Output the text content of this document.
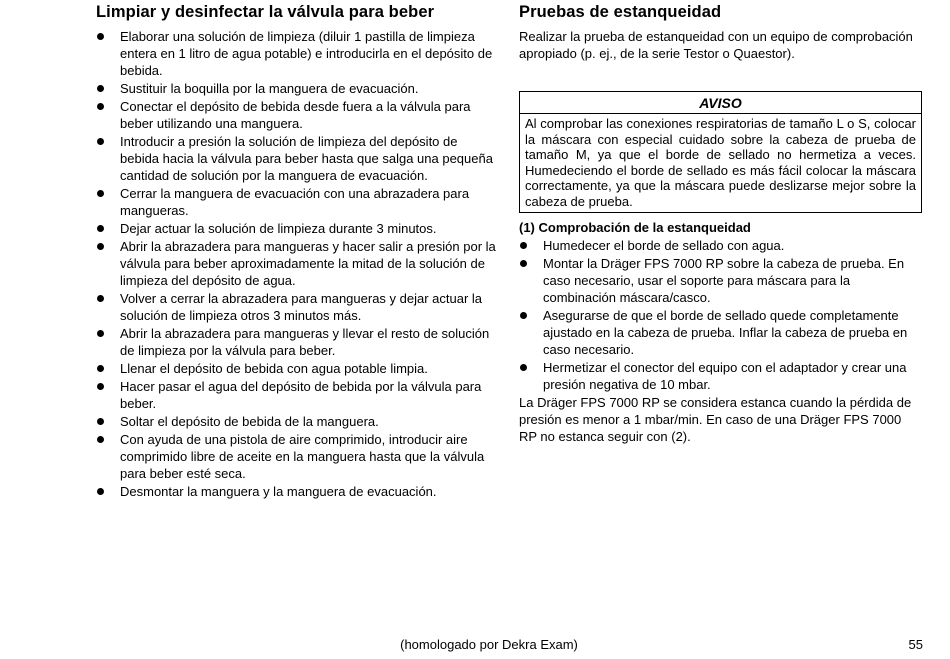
Limpiar y desinfectar la válvula para beber
Elaborar una solución de limpieza (diluir 1 pastilla de limpieza entera en 1 litro de agua potable) e introducirla en el depósito de bebida.
Sustituir la boquilla por la manguera de evacuación.
Conectar el depósito de bebida desde fuera a la válvula para beber utilizando una manguera.
Introducir a presión la solución de limpieza del depósito de bebida hacia la válvula para beber hasta que salga una pequeña cantidad de solución por la manguera de evacuación.
Cerrar la manguera de evacuación con una abrazadera para mangueras.
Dejar actuar la solución de limpieza durante 3 minutos.
Abrir la abrazadera para mangueras y hacer salir a presión por la válvula para beber aproximadamente la mitad de la solución de limpieza del depósito de agua.
Volver a cerrar la abrazadera para mangueras y dejar actuar la solución de limpieza otros 3 minutos más.
Abrir la abrazadera para mangueras y llevar el resto de solución de limpieza por la válvula para beber.
Llenar el depósito de bebida con agua potable limpia.
Hacer pasar el agua del depósito de bebida por la válvula para beber.
Soltar el depósito de bebida de la manguera.
Con ayuda de una pistola de aire comprimido, introducir aire comprimido libre de aceite en la manguera hasta que la válvula para beber esté seca.
Desmontar la manguera y la manguera de evacuación.
Pruebas de estanqueidad

Realizar la prueba de estanqueidad con un equipo de comprobación apropiado (p. ej., de la serie Testor o Quaestor).

AVISO
Al comprobar las conexiones respiratorias de tamaño L o S, colocar la máscara con especial cuidado sobre la cabeza de prueba de tamaño M, ya que el borde de sellado no hermetiza a veces. Humedeciendo el borde de sellado es más fácil colocar la máscara correctamente, ya que la máscara puede deslizarse mejor sobre la cabeza de prueba.
(1) Comprobación de la estanqueidad
Humedecer el borde de sellado con agua.
Montar la Dräger FPS 7000 RP sobre la cabeza de prueba. En caso necesario, usar el soporte para máscara para la combinación máscara/casco.
Asegurarse de que el borde de sellado quede completamente ajustado en la cabeza de prueba. Inflar la cabeza de prueba en caso necesario.
Hermetizar el conector del equipo con el adaptador y crear una presión negativa de 10 mbar.

La Dräger FPS 7000 RP se considera estanca cuando la pérdida de presión es menor a 1 mbar/min. En caso de una Dräger FPS 7000 RP no estanca seguir con (2).

(homologado por Dekra Exam)	55
